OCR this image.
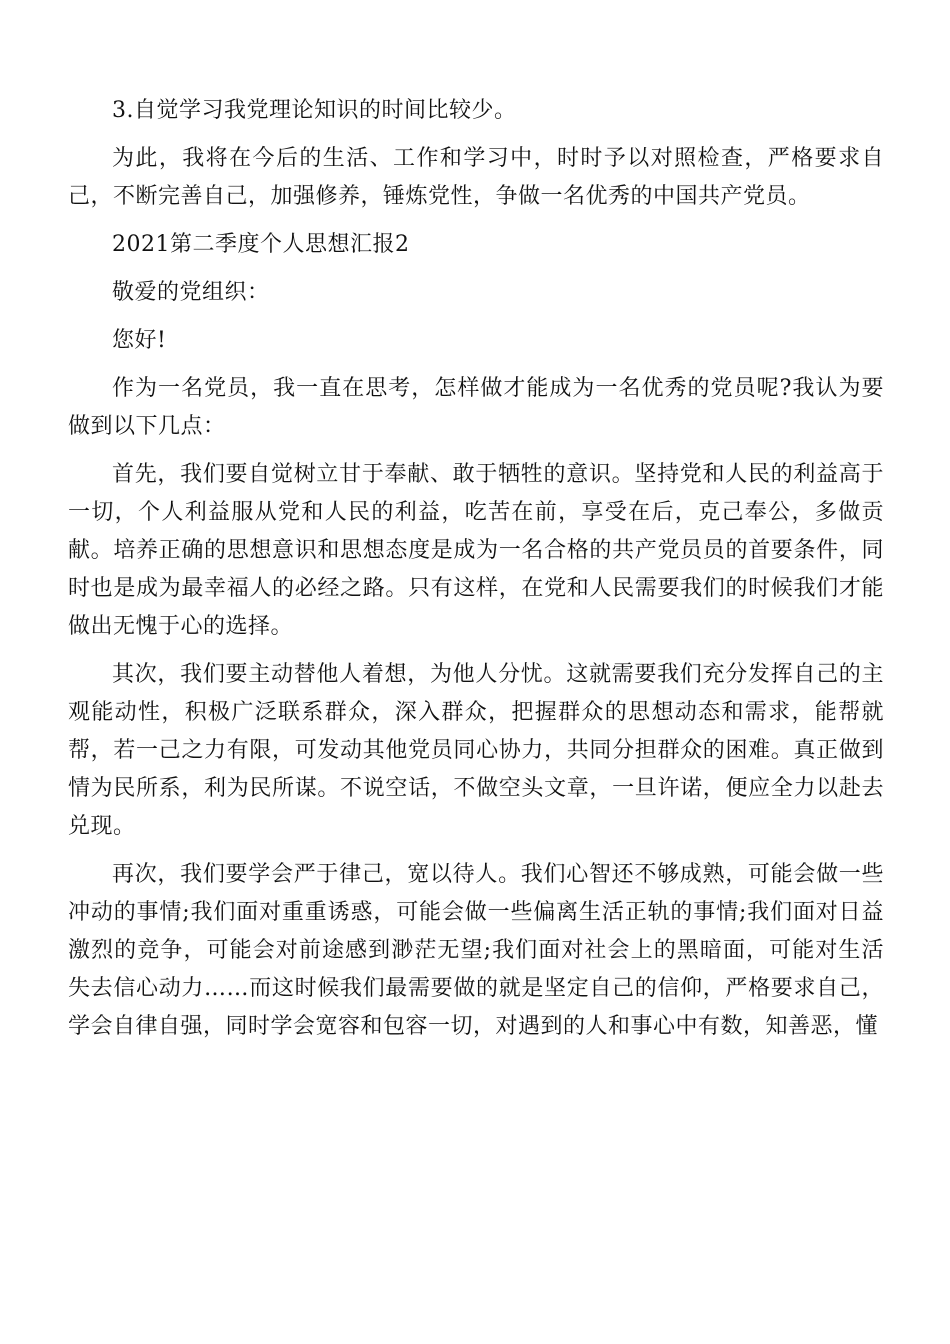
3.自觉学习我党理论知识的时间比较少。

为此，我将在今后的生活、工作和学习中，时时予以对照检查，严格要求自己，不断完善自己，加强修养，锤炼党性，争做一名优秀的中国共产党员。

2021第二季度个人思想汇报2

敬爱的党组织：

您好!

作为一名党员，我一直在思考，怎样做才能成为一名优秀的党员呢?我认为要做到以下几点：

首先，我们要自觉树立甘于奉献、敢于牺牲的意识。坚持党和人民的利益高于一切，个人利益服从党和人民的利益，吃苦在前，享受在后，克己奉公，多做贡献。培养正确的思想意识和思想态度是成为一名合格的共产党员员的首要条件，同时也是成为最幸福人的必经之路。只有这样，在党和人民需要我们的时候我们才能做出无愧于心的选择。

其次，我们要主动替他人着想，为他人分忧。这就需要我们充分发挥自己的主观能动性，积极广泛联系群众，深入群众，把握群众的思想动态和需求，能帮就帮，若一己之力有限，可发动其他党员同心协力，共同分担群众的困难。真正做到情为民所系，利为民所谋。不说空话，不做空头文章，一旦许诺，便应全力以赴去兑现。

再次，我们要学会严于律己，宽以待人。我们心智还不够成熟，可能会做一些冲动的事情;我们面对重重诱惑，可能会做一些偏离生活正轨的事情;我们面对日益激烈的竞争，可能会对前途感到渺茫无望;我们面对社会上的黑暗面，可能对生活失去信心动力……而这时候我们最需要做的就是坚定自己的信仰，严格要求自己，学会自律自强，同时学会宽容和包容一切，对遇到的人和事心中有数，知善恶，懂
